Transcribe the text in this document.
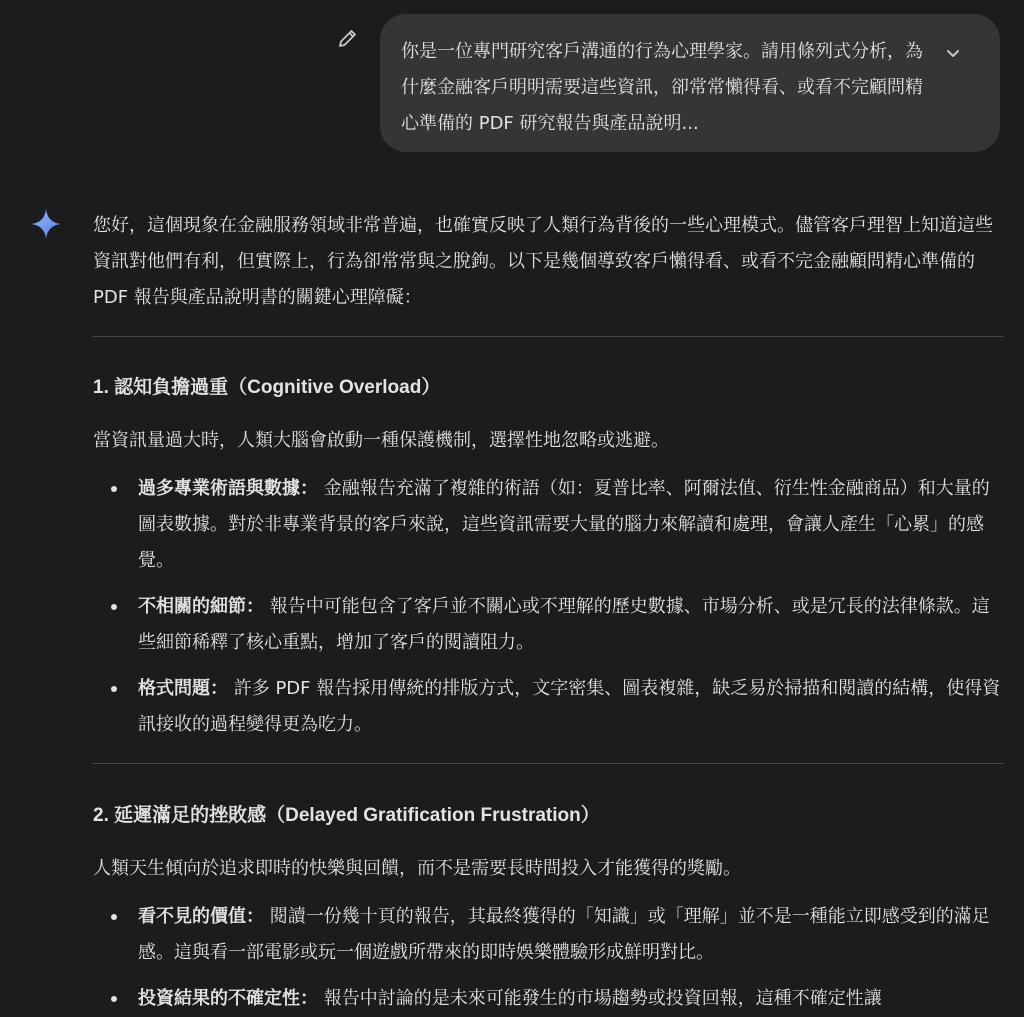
你是一位專門研究客戶溝通的行為心理學家。請用條列式分析，為什麼金融客戶明明需要這些資訊，卻常常懶得看、或看不完顧問精心準備的 PDF 研究報告與產品說明...

您好，這個現象在金融服務領域非常普遍，也確實反映了人類行為背後的一些心理模式。儘管客戶理智上知道這些資訊對他們有利，但實際上，行為卻常常與之脫鉤。以下是幾個導致客戶懶得看、或看不完金融顧問精心準備的 PDF 報告與產品說明書的關鍵心理障礙：

1. 認知負擔過重（Cognitive Overload）

當資訊量過大時，人類大腦會啟動一種保護機制，選擇性地忽略或逃避。

過多專業術語與數據： 金融報告充滿了複雜的術語（如：夏普比率、阿爾法值、衍生性金融商品）和大量的圖表數據。對於非專業背景的客戶來說，這些資訊需要大量的腦力來解讀和處理，會讓人產生「心累」的感覺。
不相關的細節： 報告中可能包含了客戶並不關心或不理解的歷史數據、市場分析、或是冗長的法律條款。這些細節稀釋了核心重點，增加了客戶的閱讀阻力。
格式問題： 許多 PDF 報告採用傳統的排版方式，文字密集、圖表複雜，缺乏易於掃描和閱讀的結構，使得資訊接收的過程變得更為吃力。
2. 延遲滿足的挫敗感（Delayed Gratification Frustration）

人類天生傾向於追求即時的快樂與回饋，而不是需要長時間投入才能獲得的獎勵。

看不見的價值： 閱讀一份幾十頁的報告，其最終獲得的「知識」或「理解」並不是一種能立即感受到的滿足感。這與看一部電影或玩一個遊戲所帶來的即時娛樂體驗形成鮮明對比。
投資結果的不確定性： 報告中討論的是未來可能發生的市場趨勢或投資回報，這種不確定性讓
